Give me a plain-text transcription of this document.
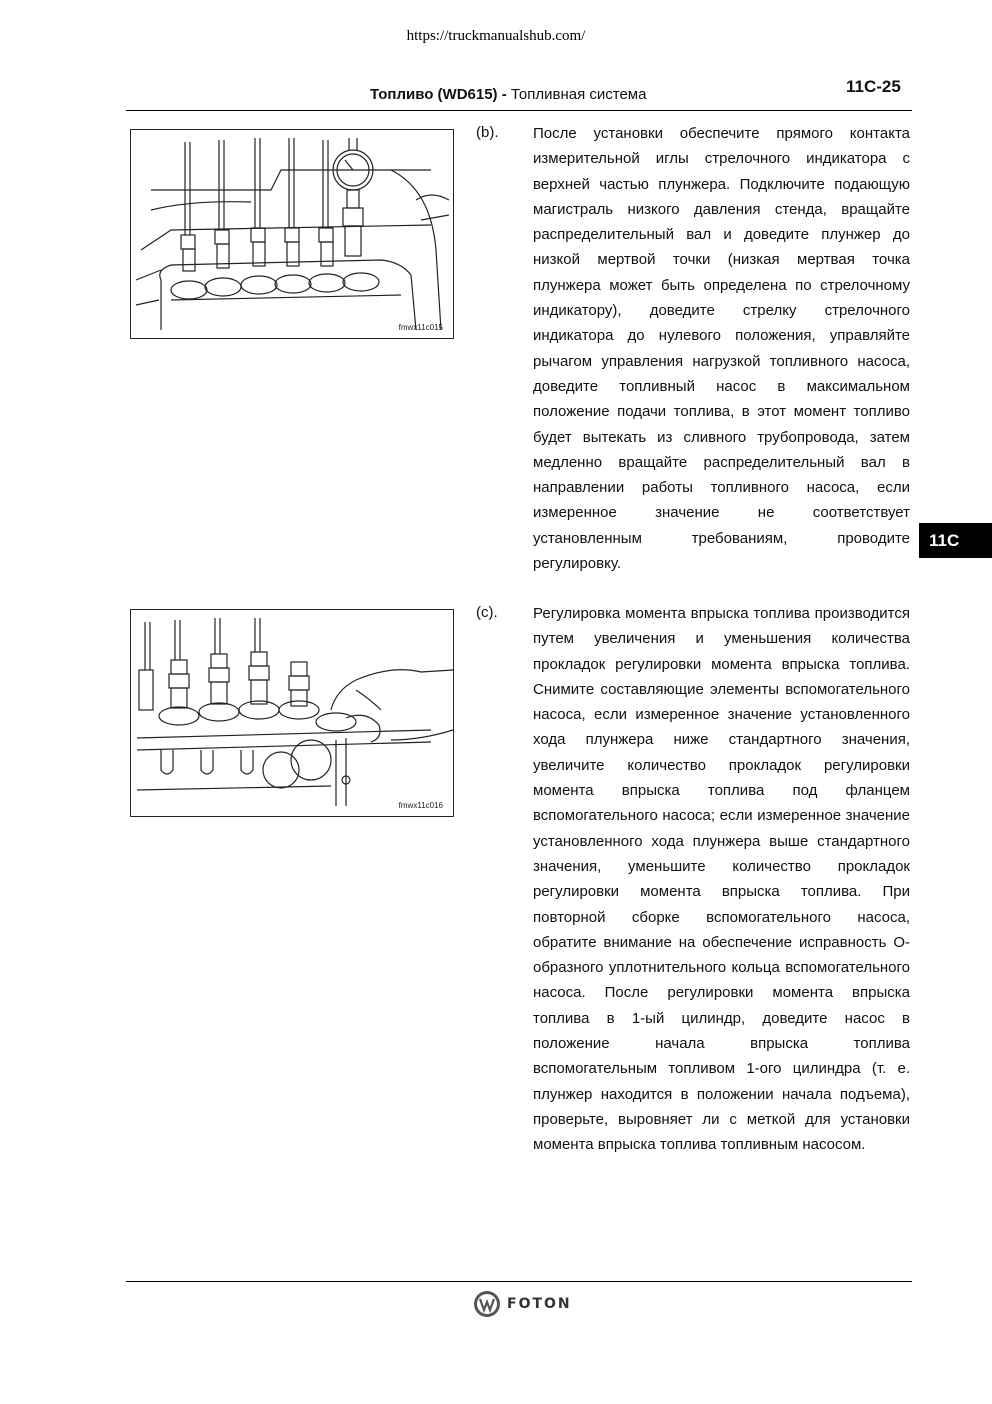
https://truckmanualshub.com/
Топливо (WD615) - Топливная система	11C-25
11C
fmwx11c015
fmwx11c016
(b). После установки обеспечите прямого контакта измерительной иглы стрелочного индикатора с верхней частью плунжера. Подключите подающую магистраль низкого давления стенда, вращайте распределительный вал и доведите плунжер до низкой мертвой точки (низкая мертвая точка плунжера может быть определена по стрелочному индикатору), доведите стрелку стрелочного индикатора до нулевого положения, управляйте рычагом управления нагрузкой топливного насоса, доведите топливный насос в максимальном положение подачи топлива, в этот момент топливо будет вытекать из сливного трубопровода, затем медленно вращайте распределительный вал в направлении работы топливного насоса, если измеренное значение не соответствует установленным требованиям, проводите регулировку.

(c). Регулировка момента впрыска топлива производится путем увеличения и уменьшения количества прокладок регулировки момента впрыска топлива. Снимите составляющие элементы вспомогательного насоса, если измеренное значение установленного хода плунжера ниже стандартного значения, увеличите количество прокладок регулировки момента впрыска топлива под фланцем вспомогательного насоса; если измеренное значение установленного хода плунжера выше стандартного значения, уменьшите количество прокладок регулировки момента впрыска топлива. При повторной сборке вспомогательного насоса, обратите внимание на обеспечение исправность О-образного уплотнительного кольца вспомогательного насоса. После регулировки момента впрыска топлива в 1-ый цилиндр, доведите насос в положение начала впрыска топлива вспомогательным топливом 1-ого цилиндра (т. е. плунжер находится в положении начала подъема), проверьте, выровняет ли с меткой для установки момента впрыска топлива топливным насосом.

FOTON
